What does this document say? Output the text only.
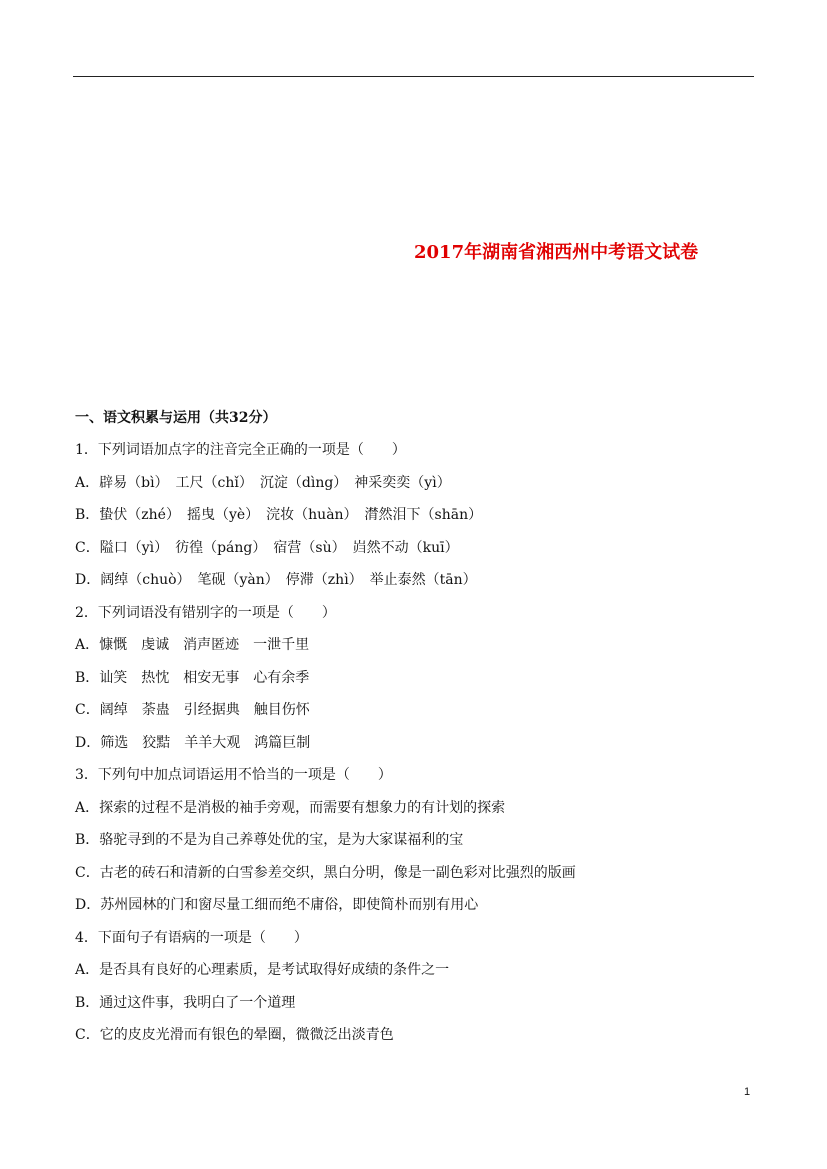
2017年湖南省湘西州中考语文试卷
一、语文积累与运用（共32分）
1．下列词语加点字的注音完全正确的一项是（　　）
A．辟易（bì）　工尺（chǐ）　沉淀（dìng）　神采奕奕（yì）
B．蛰伏（zhé）　摇曳（yè）　浣妆（huàn）　潸然泪下（shān）
C．隘口（yì）　彷徨（páng）　宿营（sù）　岿然不动（kuī）
D．阔绰（chuò）　笔砚（yàn）　停滞（zhì）　举止泰然（tān）
2．下列词语没有错别字的一项是（　　）
A．慷慨　虔诚　消声匿迹　一泄千里
B．讪笑　热忱　相安无事　心有余季
C．阔绰　荼蛊　引经据典　触目伤怀
D．筛选　狡黠　羊羊大观　鸿篇巨制
3．下列句中加点词语运用不恰当的一项是（　　）
A．探索的过程不是消极的袖手旁观，而需要有想象力的有计划的探索
B．骆驼寻到的不是为自己养尊处优的宝，是为大家谋福利的宝
C．古老的砖石和清新的白雪参差交织，黑白分明，像是一副色彩对比强烈的版画
D．苏州园林的门和窗尽量工细而绝不庸俗，即使简朴而别有用心
4．下面句子有语病的一项是（　　）
A．是否具有良好的心理素质，是考试取得好成绩的条件之一
B．通过这件事，我明白了一个道理
C．它的皮皮光滑而有银色的晕圈，微微泛出淡青色
1
